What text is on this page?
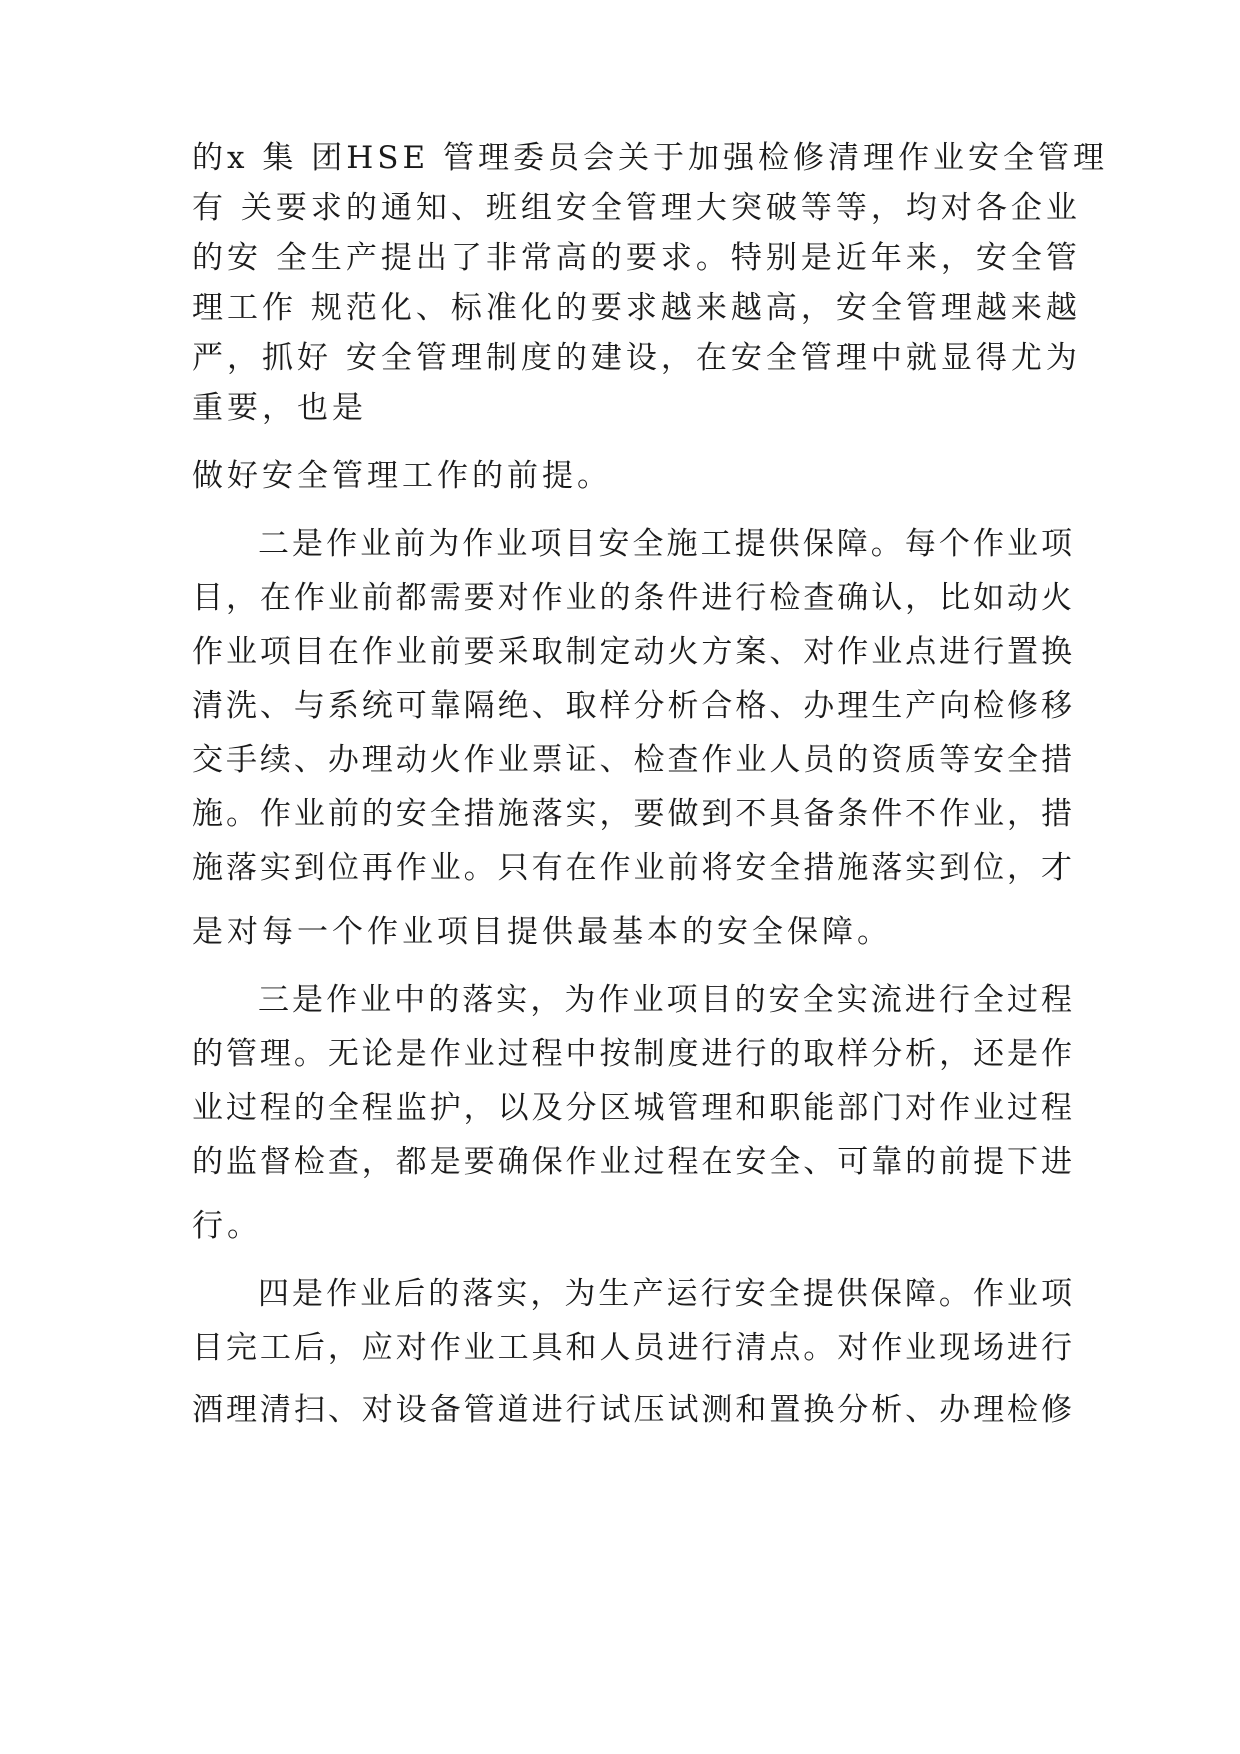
的x 集 团HSE 管理委员会关于加强检修清理作业安全管理
有 关要求的通知、班组安全管理大突破等等，均对各企业
的安 全生产提出了非常高的要求。特别是近年来，安全管
理工作 规范化、标准化的要求越来越高，安全管理越来越
严，抓好 安全管理制度的建设，在安全管理中就显得尤为
重要，也是
做好安全管理工作的前提。
二是作业前为作业项目安全施工提供保障。每个作业项
目，在作业前都需要对作业的条件进行检查确认，比如动火
作业项目在作业前要采取制定动火方案、对作业点进行置换
清洗、与系统可靠隔绝、取样分析合格、办理生产向检修移
交手续、办理动火作业票证、检查作业人员的资质等安全措
施。作业前的安全措施落实，要做到不具备条件不作业，措
施落实到位再作业。只有在作业前将安全措施落实到位，才
是对每一个作业项目提供最基本的安全保障。
三是作业中的落实，为作业项目的安全实流进行全过程
的管理。无论是作业过程中按制度进行的取样分析，还是作
业过程的全程监护，以及分区城管理和职能部门对作业过程
的监督检查，都是要确保作业过程在安全、可靠的前提下进
行。
四是作业后的落实，为生产运行安全提供保障。作业项
目完工后，应对作业工具和人员进行清点。对作业现场进行
酒理清扫、对设备管道进行试压试测和置换分析、办理检修
